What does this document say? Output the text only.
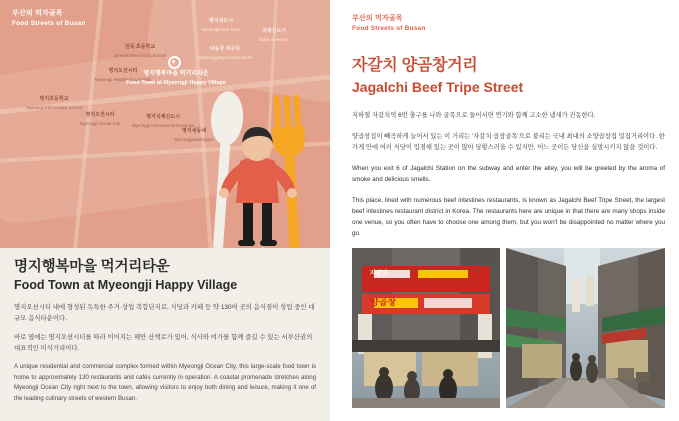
부산의 먹자골목
Food Streets of Busan	명지새도시
Myeongji New Town	국제신도시
Gukje Newtown
낙동강 하구둑
Nakdonggang Estuary Bank
진목 초등학교
Jinmok Elementary School
명지오션시티
Myeongji Neighborhood Park
명지초등학교
Myeongji Elementary School
명지오션시티
Myeongji Ocean City
명지국제신도시
Myeongji International Newtown
명지새동네
Myeongjisaedongne
명지행복마을 먹거리타운
Food Town at Myeongji Happy Village
명지행복마을 먹거리타운
Food Town at Myeongji Happy Village

명지오션시티 내에 형성된 독특한 주거·상업 복합단지로, 식당과 카페 등 약 130여 곳의 음식점이 성업 중인 대규모 음식타운이다.

바로 옆에는 명지오션시티를 따라 이어지는 해안 산책로가 있어, 식사와 여가를 함께 즐길 수 있는 서부산권의 대표적인 미식거리이다.

A unique residential and commercial complex formed within Myeongji Ocean City, this large-scale food town is home to approximately 130 restaurants and cafés currently in operation. A coastal promenade stretches along Myeongji Ocean City right next to the town, allowing visitors to enjoy both dining and leisure, making it one of the leading culinary streets of western Busan.

부산의 먹자골목
Food Streets of Busan
자갈치 양곰창거리
Jagalchi Beef Tripe Street

지하철 자갈치역 6번 출구를 나와 골목으로 들어서면 연기와 함께 고소한 냄새가 진동한다.

양곱창집이 빼곡하게 늘어서 있는 이 거리는 '자갈치 곱창골목'으로 불리는 국내 최대의 소양곱창집 밀집거리이다. 한 가게 안에 여러 식당이 입점해 있는 곳이 많아 당황스러울 수 있지만, 어느 곳이든 당신을 실망시키지 않을 것이다.

When you exit 6 of Jagalchi Station on the subway and enter the alley, you will be greeted by the aroma of smoke and delicious smells.

This place, lined with numerous beef intestines restaurants, is known as Jagalchi Beef Tripe Street, the largest beef intestines restaurant district in Korea. The restaurants here are unique in that there are many shops inside one venue, so you often have to choose one among them, but you won't be disappointed no matter where you go.

자갈치
양곱창
